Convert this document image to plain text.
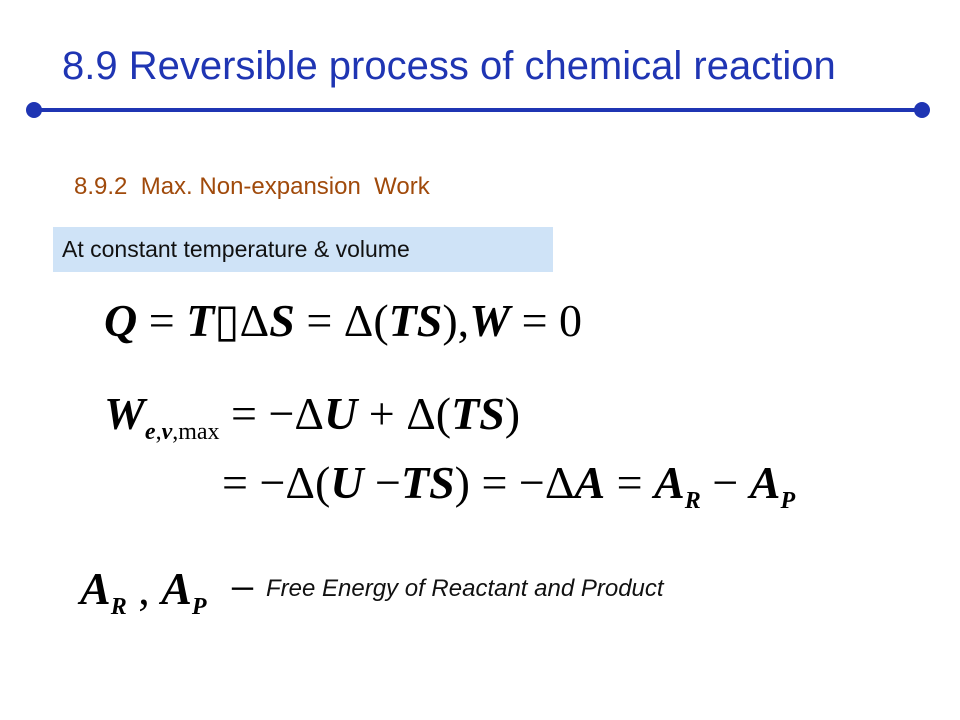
8.9 Reversible process of chemical reaction
8.9.2  Max. Non-expansion  Work
At constant temperature & volume
Q = T▯ΔS = Δ(TS),W = 0
$W_{e,v,max} = -\Delta U + \Delta(TS)$
= $-\Delta(U -TS) = -\Delta A = A_R - A_P$
$A_R$ , $A_P$  − Free Energy of Reactant and Product
